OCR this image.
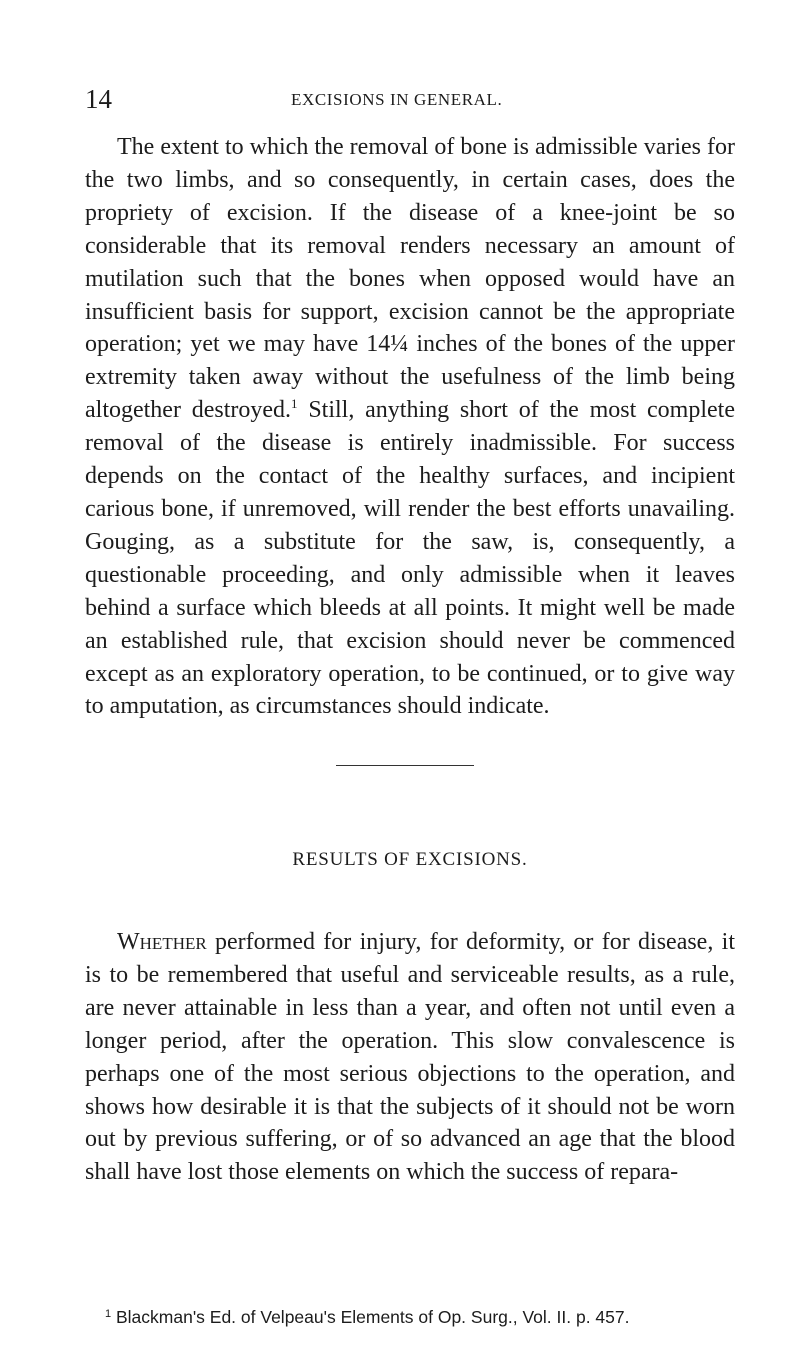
14	EXCISIONS IN GENERAL.

The extent to which the removal of bone is admissible varies for the two limbs, and so consequently, in certain cases, does the propriety of excision. If the disease of a knee-joint be so considerable that its removal renders necessary an amount of mutilation such that the bones when opposed would have an insufficient basis for support, excision cannot be the appropriate operation; yet we may have 14¼ inches of the bones of the upper extremity taken away without the usefulness of the limb being altogether destroyed.$^1$ Still, anything short of the most complete removal of the disease is entirely inadmissible. For success depends on the contact of the healthy surfaces, and incipient carious bone, if unremoved, will render the best efforts unavailing. Gouging, as a substitute for the saw, is, consequently, a questionable proceeding, and only admissible when it leaves behind a surface which bleeds at all points. It might well be made an established rule, that excision should never be commenced except as an exploratory operation, to be continued, or to give way to amputation, as circumstances should indicate.

RESULTS OF EXCISIONS.

Whether performed for injury, for deformity, or for disease, it is to be remembered that useful and serviceable results, as a rule, are never attainable in less than a year, and often not until even a longer period, after the operation. This slow convalescence is perhaps one of the most serious objections to the operation, and shows how desirable it is that the subjects of it should not be worn out by previous suffering, or of so advanced an age that the blood shall have lost those elements on which the success of repara-

$^1$ Blackman's Ed. of Velpeau's Elements of Op. Surg., Vol. II. p. 457.
